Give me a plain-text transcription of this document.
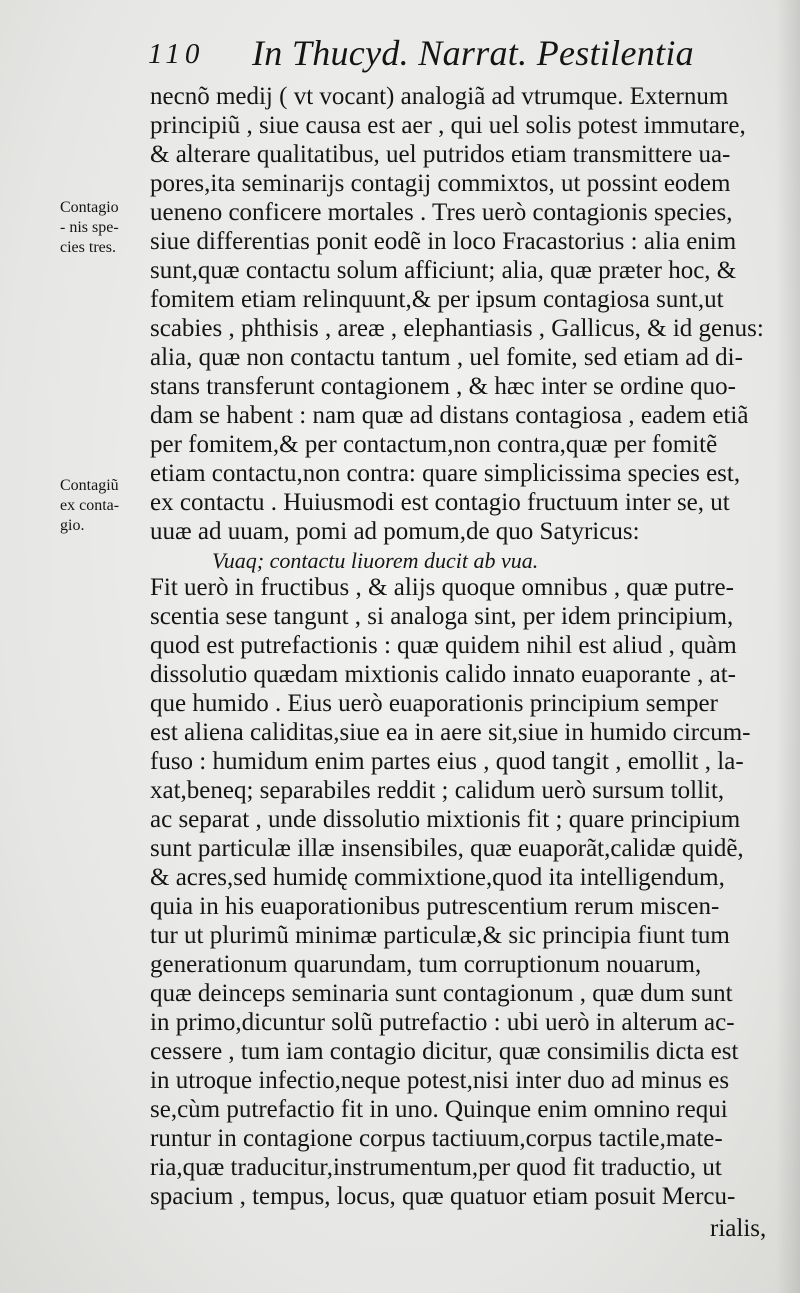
110 In Thucyd. Narrat. Pestilentia
Contagio
- nis spe-
cies tres.
Contagiũ
ex conta-
gio.
necnõ medij ( vt vocant) analogiã ad vtrumque. Externum
principiũ , siue causa est aer , qui uel solis potest immutare,
& alterare qualitatibus, uel putridos etiam transmittere ua-
pores,ita seminarijs contagij commixtos, ut possint eodem
ueneno conficere mortales . Tres uerò contagionis species,
siue differentias ponit eodẽ in loco Fracastorius : alia enim
sunt,quæ contactu solum afficiunt; alia, quæ præter hoc, &
fomitem etiam relinquunt,& per ipsum contagiosa sunt,ut
scabies , phthisis , areæ , elephantiasis , Gallicus, & id genus:
alia, quæ non contactu tantum , uel fomite, sed etiam ad di-
stans transferunt contagionem , & hæc inter se ordine quo-
dam se habent : nam quæ ad distans contagiosa , eadem etiã
per fomitem,& per contactum,non contra,quæ per fomitẽ
etiam contactu,non contra: quare simplicissima species est,
ex contactu . Huiusmodi est contagio fructuum inter se, ut
uuæ ad uuam, pomi ad pomum,de quo Satyricus:
Vuaq; contactu liuorem ducit ab vua.
Fit uerò in fructibus , & alijs quoque omnibus , quæ putre-
scentia sese tangunt , si analoga sint, per idem principium,
quod est putrefactionis : quæ quidem nihil est aliud , quàm
dissolutio quædam mixtionis calido innato euaporante , at-
que humido . Eius uerò euaporationis principium semper
est aliena caliditas,siue ea in aere sit,siue in humido circum-
fuso : humidum enim partes eius , quod tangit , emollit , la-
xat,beneq; separabiles reddit ; calidum uerò sursum tollit,
ac separat , unde dissolutio mixtionis fit ; quare principium
sunt particulæ illæ insensibiles, quæ euaporãt,calidæ quidẽ,
& acres,sed humidę commixtione,quod ita intelligendum,
quia in his euaporationibus putrescentium rerum miscen-
tur ut plurimũ minimæ particulæ,& sic principia fiunt tum
generationum quarundam, tum corruptionum nouarum,
quæ deinceps seminaria sunt contagionum , quæ dum sunt
in primo,dicuntur solũ putrefactio : ubi uerò in alterum ac-
cessere , tum iam contagio dicitur, quæ consimilis dicta est
in utroque infectio,neque potest,nisi inter duo ad minus es
se,cùm putrefactio fit in uno. Quinque enim omnino requi
runtur in contagione corpus tactiuum,corpus tactile,mate-
ria,quæ traducitur,instrumentum,per quod fit traductio, ut
spacium , tempus, locus, quæ quatuor etiam posuit Mercu-
rialis,
